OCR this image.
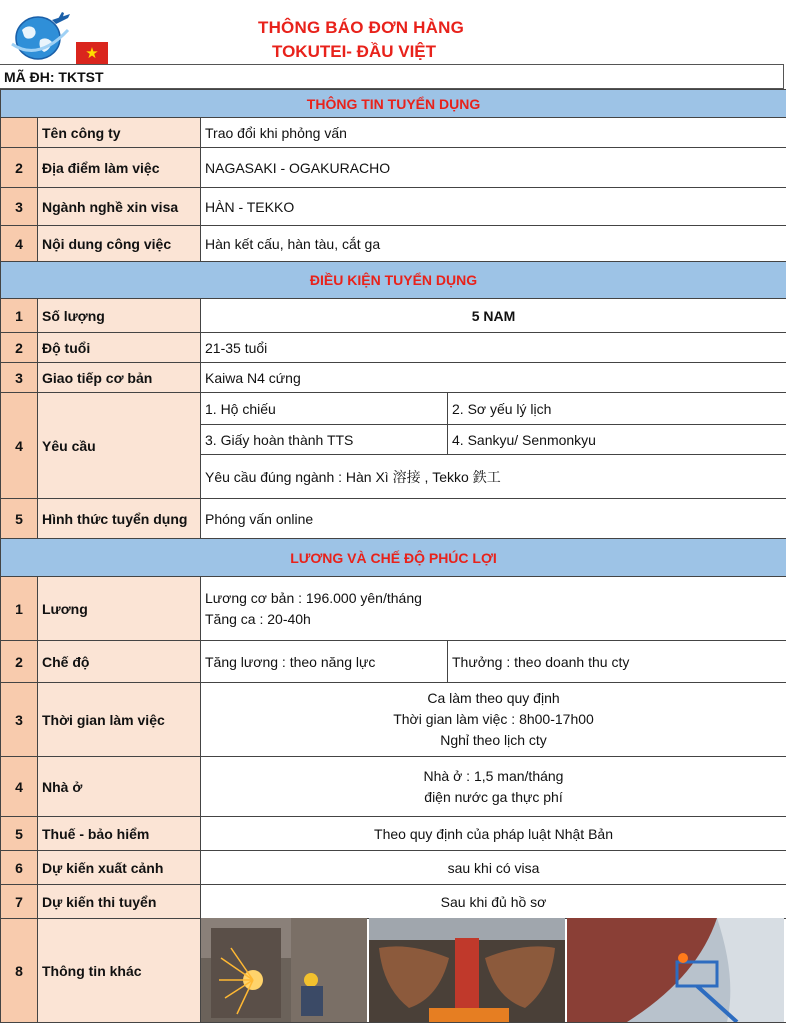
★
THÔNG BÁO ĐƠN HÀNG
TOKUTEI- ĐẦU VIỆT
MÃ ĐH: TKTST
THÔNG TIN TUYỂN DỤNG			
	Tên công ty	Trao đổi khi phỏng vấn	
2	Địa điểm làm việc	NAGASAKI - OGAKURACHO	
3	Ngành nghề xin visa	HÀN - TEKKO	
4	Nội dung công việc	Hàn kết cấu, hàn tàu, cắt ga	
ĐIỀU KIỆN TUYỂN DỤNG			
1	Số lượng	5 NAM	
2	Độ tuổi	21-35 tuổi	
3	Giao tiếp cơ bản	Kaiwa N4 cứng	
4	Yêu cầu	1. Hộ chiếu	2. Sơ yếu lý lịch
		3. Giấy hoàn thành TTS	4. Sankyu/ Senmonkyu
		Yêu cầu đúng ngành : Hàn Xì 溶接 , Tekko 鉄工	
5	Hình thức tuyển dụng	Phóng vấn online	
LƯƠNG VÀ CHẾ ĐỘ PHÚC LỢI			
1	Lương	Lương cơ bản : 196.000 yên/tháng
Tăng ca : 20-40h	

2	Chế độ	Tăng lương : theo năng lực	Thưởng : theo doanh thu cty
3	Thời gian làm việc	Ca làm theo quy định
Thời gian làm việc : 8h00-17h00
Nghỉ theo lịch cty	

4	Nhà ở	Nhà ở : 1,5 man/tháng
điện nước ga thực phí	

5	Thuế - bảo hiểm	Theo quy định của pháp luật Nhật Bản	
6	Dự kiến xuất cảnh	sau khi có visa	
7	Dự kiến thi tuyển	Sau khi đủ hồ sơ	
8	Thông tin khác		
